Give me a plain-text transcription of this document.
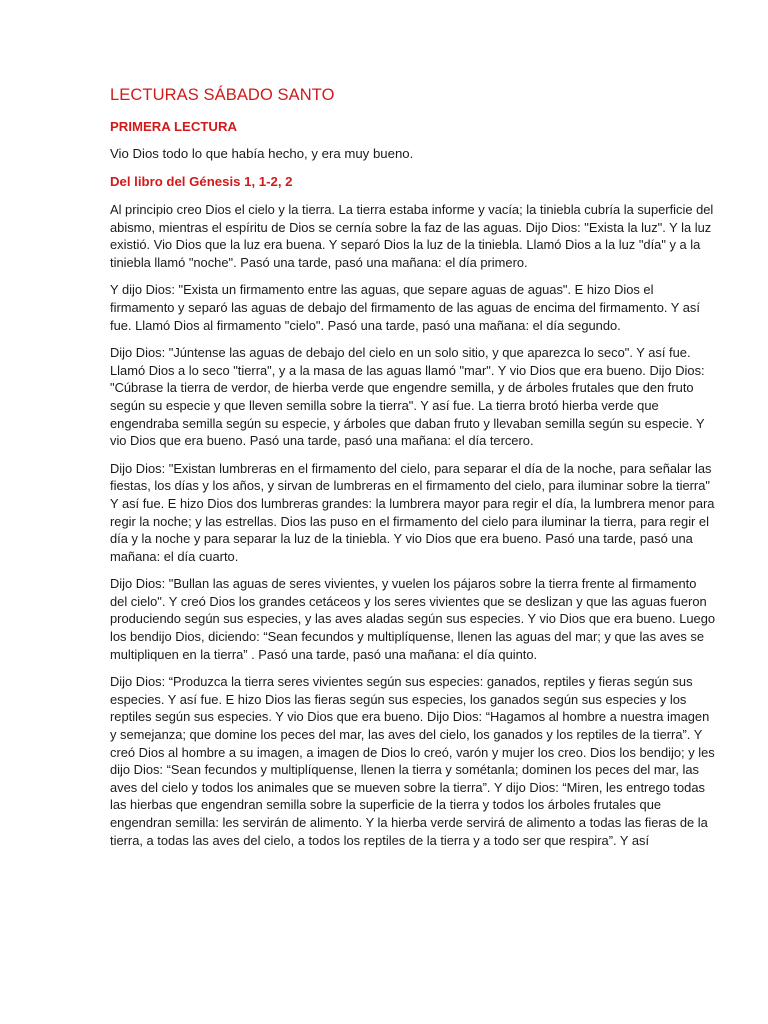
LECTURAS SÁBADO SANTO
PRIMERA LECTURA
Vio Dios todo lo que había hecho, y era muy bueno.
Del libro del Génesis 1, 1-2, 2
Al principio creo Dios el cielo y la tierra. La tierra estaba informe y vacía; la tiniebla cubría la superficie del abismo, mientras el espíritu de Dios se cernía sobre la faz de las aguas. Dijo Dios: "Exista la luz". Y la luz existió. Vio Dios que la luz era buena. Y separó Dios la luz de la tiniebla. Llamó Dios a la luz "día" y a la tiniebla llamó "noche". Pasó una tarde, pasó una mañana: el día primero.
Y dijo Dios: "Exista un firmamento entre las aguas, que separe aguas de aguas". E hizo Dios el firmamento y separó las aguas de debajo del firmamento de las aguas de encima del firmamento. Y así fue. Llamó Dios al firmamento "cielo". Pasó una tarde, pasó una mañana: el día segundo.
Dijo Dios: "Júntense las aguas de debajo del cielo en un solo sitio, y que aparezca lo seco". Y así fue. Llamó Dios a lo seco "tierra", y a la masa de las aguas llamó "mar". Y vio Dios que era bueno. Dijo Dios: "Cúbrase la tierra de verdor, de hierba verde que engendre semilla, y de árboles frutales que den fruto según su especie y que lleven semilla sobre la tierra". Y así fue. La tierra brotó hierba verde que engendraba semilla según su especie, y árboles que daban fruto y llevaban semilla según su especie. Y vio Dios que era bueno. Pasó una tarde, pasó una mañana: el día tercero.
Dijo Dios: "Existan lumbreras en el firmamento del cielo, para separar el día de la noche, para señalar las fiestas, los días y los años, y sirvan de lumbreras en el firmamento del cielo, para iluminar sobre la tierra" Y así fue. E hizo Dios dos lumbreras grandes: la lumbrera mayor para regir el día, la lumbrera menor para regir la noche; y las estrellas. Dios las puso en el firmamento del cielo para iluminar la tierra, para regir el día y la noche y para separar la luz de la tiniebla. Y vio Dios que era bueno. Pasó una tarde, pasó una mañana: el día cuarto.
Dijo Dios: "Bullan las aguas de seres vivientes, y vuelen los pájaros sobre la tierra frente al firmamento del cielo". Y creó Dios los grandes cetáceos y los seres vivientes que se deslizan y que las aguas fueron produciendo según sus especies, y las aves aladas según sus especies. Y vio Dios que era bueno. Luego los bendijo Dios, diciendo: “Sean fecundos y multiplíquense, llenen las aguas del mar; y que las aves se multipliquen en la tierra” . Pasó una tarde, pasó una mañana: el día quinto.
Dijo Dios: “Produzca la tierra seres vivientes según sus especies: ganados, reptiles y fieras según sus especies. Y así fue. E hizo Dios las fieras según sus especies, los ganados según sus especies y los reptiles según sus especies. Y vio Dios que era bueno. Dijo Dios: “Hagamos al hombre a nuestra imagen y semejanza; que domine los peces del mar, las aves del cielo, los ganados y los reptiles de la tierra”. Y creó Dios al hombre a su imagen, a imagen de Dios lo creó, varón y mujer los creo. Dios los bendijo; y les dijo Dios: “Sean fecundos y multiplíquense, llenen la tierra y sométanla; dominen los peces del mar, las aves del cielo y todos los animales que se mueven sobre la tierra”. Y dijo Dios: “Miren, les entrego todas las hierbas que engendran semilla sobre la superficie de la tierra y todos los árboles frutales que engendran semilla: les servirán de alimento. Y la hierba verde servirá de alimento a todas las fieras de la tierra, a todas las aves del cielo, a todos los reptiles de la tierra y a todo ser que respira”. Y así
